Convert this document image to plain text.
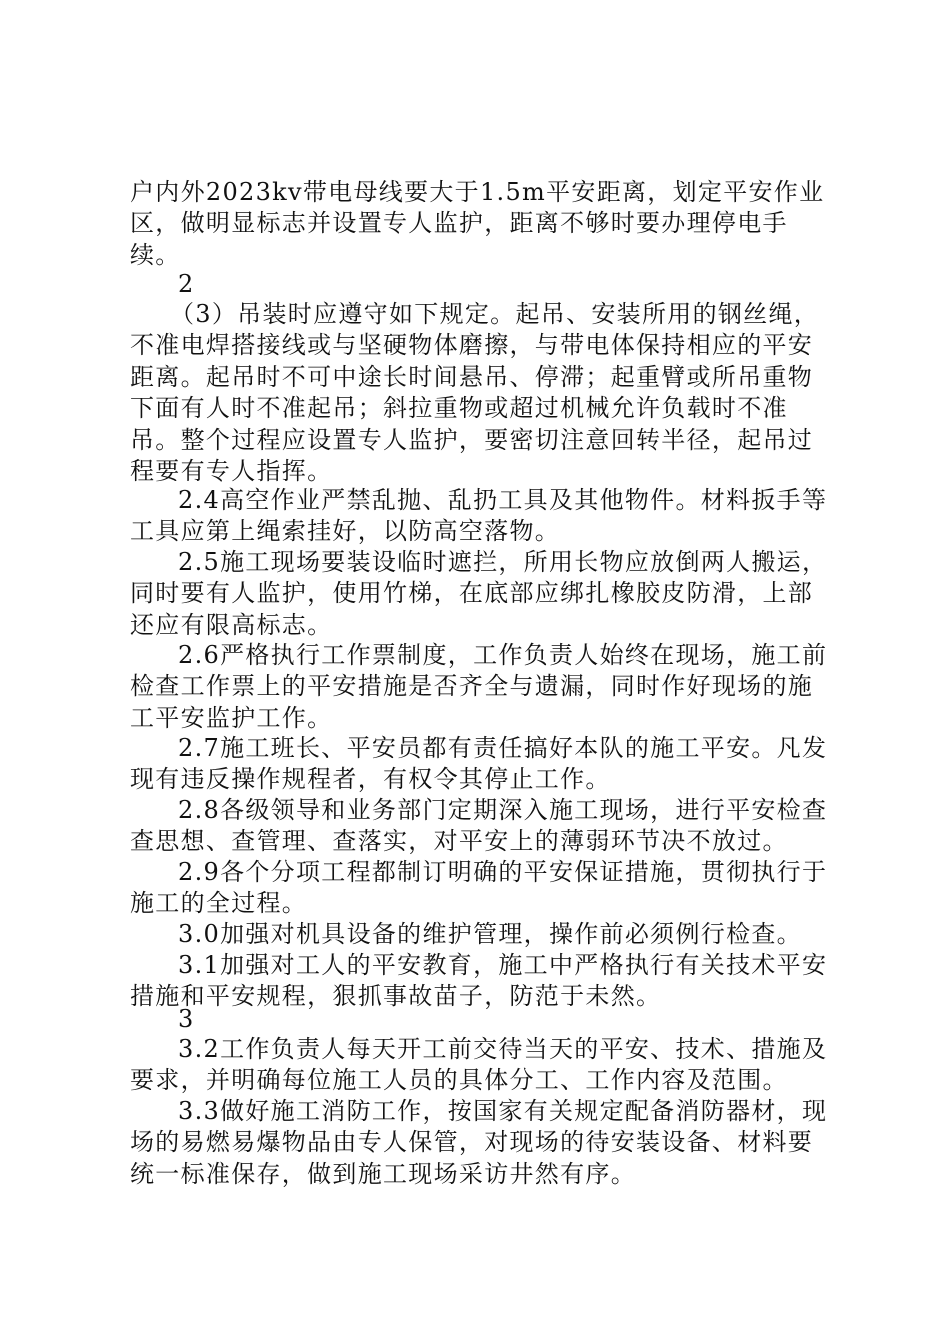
户内外2023kv带电母线要大于1.5m平安距离，划定平安作业区，做明显标志并设置专人监护，距离不够时要办理停电手续。

2

（3）吊装时应遵守如下规定。起吊、安装所用的钢丝绳，不准电焊搭接线或与坚硬物体磨擦，与带电体保持相应的平安距离。起吊时不可中途长时间悬吊、停滞；起重臂或所吊重物下面有人时不准起吊；斜拉重物或超过机械允许负载时不准吊。整个过程应设置专人监护，要密切注意回转半径，起吊过程要有专人指挥。

2.4高空作业严禁乱抛、乱扔工具及其他物件。材料扳手等工具应第上绳索挂好，以防高空落物。

2.5施工现场要装设临时遮拦，所用长物应放倒两人搬运，同时要有人监护，使用竹梯，在底部应绑扎橡胶皮防滑，上部还应有限高标志。

2.6严格执行工作票制度，工作负责人始终在现场，施工前检查工作票上的平安措施是否齐全与遗漏，同时作好现场的施工平安监护工作。

2.7施工班长、平安员都有责任搞好本队的施工平安。凡发现有违反操作规程者，有权令其停止工作。

2.8各级领导和业务部门定期深入施工现场，进行平安检查查思想、查管理、查落实，对平安上的薄弱环节决不放过。

2.9各个分项工程都制订明确的平安保证措施，贯彻执行于施工的全过程。

3.0加强对机具设备的维护管理，操作前必须例行检查。

3.1加强对工人的平安教育，施工中严格执行有关技术平安措施和平安规程，狠抓事故苗子，防范于未然。

3

3.2工作负责人每天开工前交待当天的平安、技术、措施及要求，并明确每位施工人员的具体分工、工作内容及范围。

3.3做好施工消防工作，按国家有关规定配备消防器材，现场的易燃易爆物品由专人保管，对现场的待安装设备、材料要统一标准保存，做到施工现场采访井然有序。
